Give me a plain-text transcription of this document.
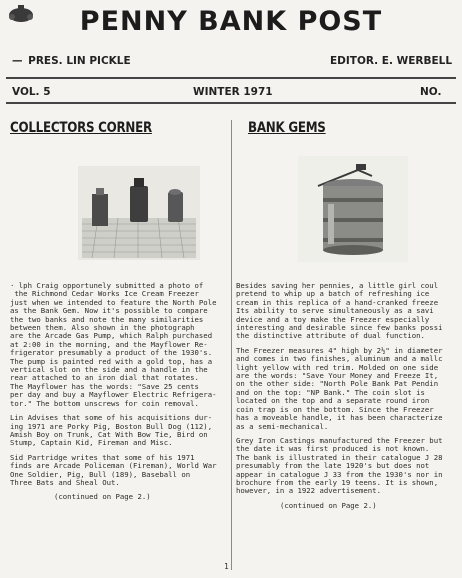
PENNY BANK POST
— PRES. LIN PICKLE	EDITOR. E. WERBELL
VOL. 5	WINTER 1971	NO.
COLLECTORS CORNER	BANK GEMS

· lph Craig opportunely submitted a photo of
the Richmond Cedar Works Ice Cream Freezer
just when we intended to feature the North Pole
as the Bank Gem. Now it's possible to compare
the two banks and note the many similarities
between them. Also shown in the photograph
are the Arcade Gas Pump, which Ralph purchased
at 2:00 in the morning, and the Mayflower Re-
frigerator presumably a product of the 1930's.
The pump is painted red with a gold top, has a
vertical slot on the side and a handle in the
rear attached to an iron dial that rotates.
The Mayflower has the words: "Save 25 cents
per day and buy a Mayflower Electric Refrigera-
tor." The bottom unscrews for coin removal.

Lin Advises that some of his acquisitions dur-
ing 1971 are Porky Pig, Boston Bull Dog (112),
Amish Boy on Trunk, Cat With Bow Tie, Bird on
Stump, Captain Kid, Fireman and Misc.

Sid Partridge writes that some of his 1971
finds are Arcade Policeman (Fireman), World War
One Soldier, Pig, Bull (189), Baseball on
Three Bats and Sheal Out.

(continued on Page 2.)

Besides saving her pennies, a little girl coul
pretend to whip up a batch of refreshing ice
cream in this replica of a hand-cranked freeze
Its ability to serve simultaneously as a savi
device and a toy make the Freezer especially
interesting and desirable since few banks possi
the distinctive attribute of dual function.

The Freezer measures 4" high by 2½" in diameter
and comes in two finishes, aluminum and a mallc
light yellow with red trim. Molded on one side
are the words: "Save Your Money and Freeze It,
on the other side: "North Pole Bank Pat Pendin
and on the top: "NP Bank." The coin slot is
located on the top and a separate round iron
coin trap is on the bottom. Since the Freezer
has a moveable handle, it has been characterize
as a semi-mechanical.

Grey Iron Castings manufactured the Freezer but
the date it was first produced is not known.
The bank is illustrated in their catalogue J 28
presumably from the late 1920's but does not
appear in catalogue J 33 from the 1930's nor in
brochure from the early 19 teens. It is shown,
however, in a 1922 advertisement.

(continued on Page 2.)

1
